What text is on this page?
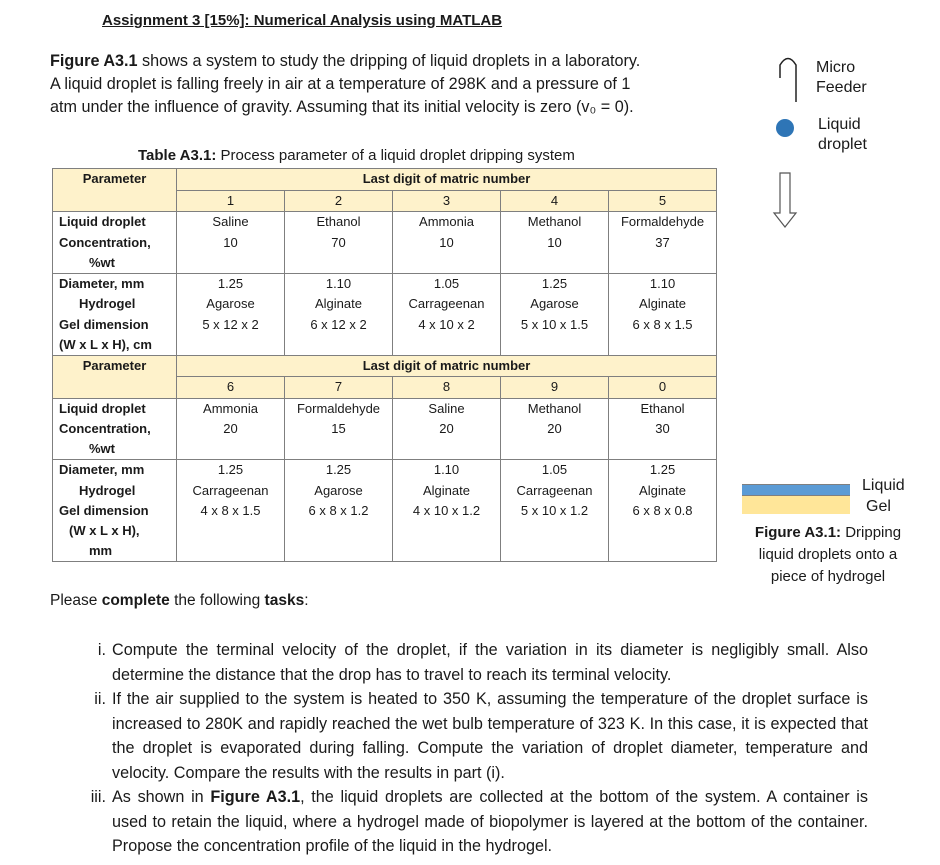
Assignment 3 [15%]: Numerical Analysis using MATLAB

Figure A3.1 shows a system to study the dripping of liquid droplets in a laboratory.

A liquid droplet is falling freely in air at a temperature of 298K and a pressure of 1

atm under the influence of gravity. Assuming that its initial velocity is zero (v₀ = 0).

Table A3.1: Process parameter of a liquid droplet dripping system
Parameter	Last digit of matric number				
	1	2	3	4	5

Liquid droplet	Saline	Ethanol	Ammonia	Methanol	Formaldehyde

Concentration,
%wt	10	70	10	10	37

Diameter, mm	1.25	1.10	1.05	1.25	1.10

Hydrogel	Agarose	Alginate	Carrageenan	Agarose	Alginate

Gel dimension
(W x L x H), cm	5 x 12 x 2	6 x 12 x 2	4 x 10 x 2	5 x 10 x 1.5	6 x 8 x 1.5
Parameter	Last digit of matric number				
	6	7	8	9	0

Liquid droplet	Ammonia	Formaldehyde	Saline	Methanol	Ethanol

Concentration,
%wt	20	15	20	20	30

Diameter, mm	1.25	1.25	1.10	1.05	1.25

Hydrogel	Carrageenan	Agarose	Alginate	Carrageenan	Alginate

Gel dimension
(W x L x H),
mm	4 x 8 x 1.5	6 x 8 x 1.2	4 x 10 x 1.2	5 x 10 x 1.2	6 x 8 x 0.8
Micro
Feeder
Liquid
droplet
Liquid
Gel
Figure A3.1: Dripping liquid droplets onto a piece of hydrogel
Please complete the following tasks:
i. Compute the terminal velocity of the droplet, if the variation in its diameter is negligibly small. Also determine the distance that the drop has to travel to reach its terminal velocity.
ii. If the air supplied to the system is heated to 350 K, assuming the temperature of the droplet surface is increased to 280K and rapidly reached the wet bulb temperature of 323 K. In this case, it is expected that the droplet is evaporated during falling. Compute the variation of droplet diameter, temperature and velocity. Compare the results with the results in part (i).
iii. As shown in Figure A3.1, the liquid droplets are collected at the bottom of the system. A container is used to retain the liquid, where a hydrogel made of biopolymer is layered at the bottom of the container. Propose the concentration profile of the liquid in the hydrogel.
